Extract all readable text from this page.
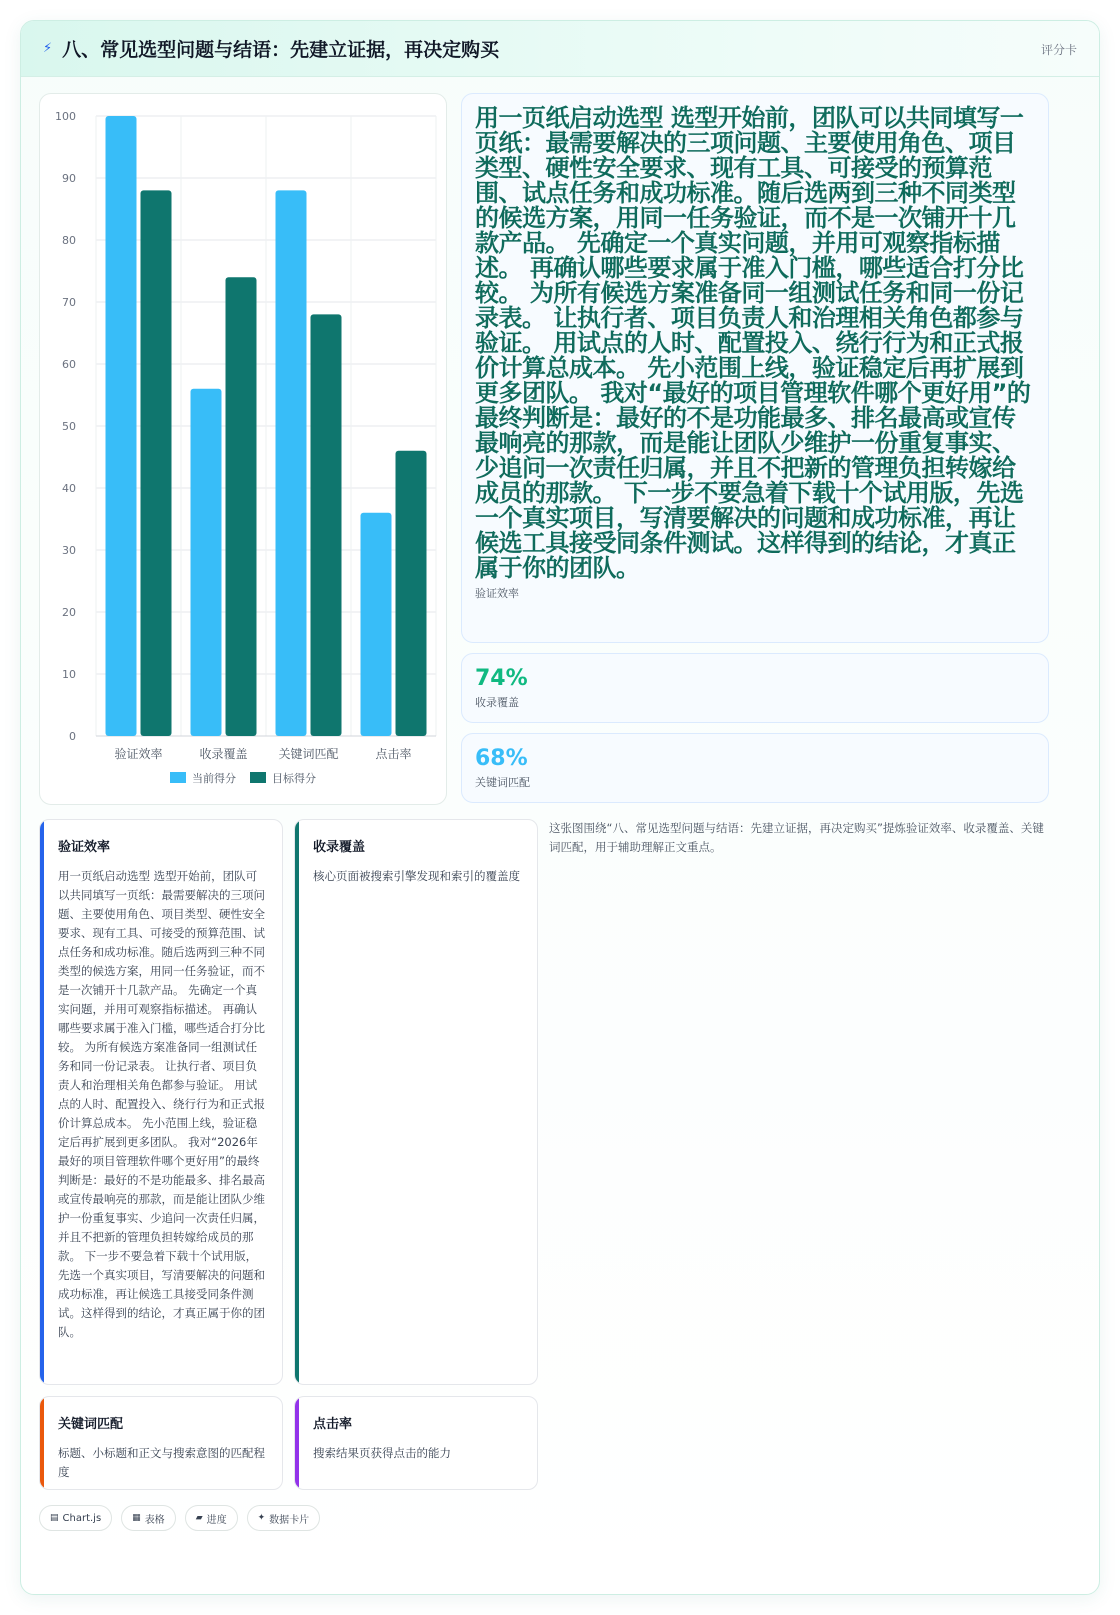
⚡ 八、常见选型问题与结语：先建立证据，再决定购买	评分卡
0
10
20
30
40
50
60
70
80
90
100
验证效率	收录覆盖	关键词匹配	点击率
当前得分	目标得分
用一页纸启动选型 选型开始前，团队可以共同填写一页纸：最需要解决的三项问题、主要使用角色、项目类型、硬性安全要求、现有工具、可接受的预算范围、试点任务和成功标准。随后选两到三种不同类型的候选方案，用同一任务验证，而不是一次铺开十几款产品。 先确定一个真实问题，并用可观察指标描述。 再确认哪些要求属于准入门槛，哪些适合打分比较。 为所有候选方案准备同一组测试任务和同一份记录表。 让执行者、项目负责人和治理相关角色都参与验证。 用试点的人时、配置投入、绕行行为和正式报价计算总成本。 先小范围上线，验证稳定后再扩展到更多团队。 我对“最好的项目管理软件哪个更好用”的最终判断是：最好的不是功能最多、排名最高或宣传最响亮的那款，而是能让团队少维护一份重复事实、少追问一次责任归属，并且不把新的管理负担转嫁给成员的那款。 下一步不要急着下载十个试用版，先选一个真实项目，写清要解决的问题和成功标准，再让候选工具接受同条件测试。这样得到的结论，才真正属于你的团队。
验证效率
74%
收录覆盖
68%
关键词匹配
验证效率
用一页纸启动选型 选型开始前，团队可以共同填写一页纸：最需要解决的三项问题、主要使用角色、项目类型、硬性安全要求、现有工具、可接受的预算范围、试点任务和成功标准。随后选两到三种不同类型的候选方案，用同一任务验证，而不是一次铺开十几款产品。 先确定一个真实问题，并用可观察指标描述。 再确认哪些要求属于准入门槛，哪些适合打分比较。 为所有候选方案准备同一组测试任务和同一份记录表。 让执行者、项目负责人和治理相关角色都参与验证。 用试点的人时、配置投入、绕行行为和正式报价计算总成本。 先小范围上线，验证稳定后再扩展到更多团队。 我对“2026年最好的项目管理软件哪个更好用”的最终判断是：最好的不是功能最多、排名最高或宣传最响亮的那款，而是能让团队少维护一份重复事实、少追问一次责任归属，并且不把新的管理负担转嫁给成员的那款。 下一步不要急着下载十个试用版，先选一个真实项目，写清要解决的问题和成功标准，再让候选工具接受同条件测试。这样得到的结论，才真正属于你的团队。
收录覆盖
核心页面被搜索引擎发现和索引的覆盖度
关键词匹配
标题、小标题和正文与搜索意图的匹配程度
点击率
搜索结果页获得点击的能力
这张图围绕“八、常见选型问题与结语：先建立证据，再决定购买”提炼验证效率、收录覆盖、关键词匹配，用于辅助理解正文重点。
▤ Chart.js	▦ 表格	▰ 进度	✦ 数据卡片
